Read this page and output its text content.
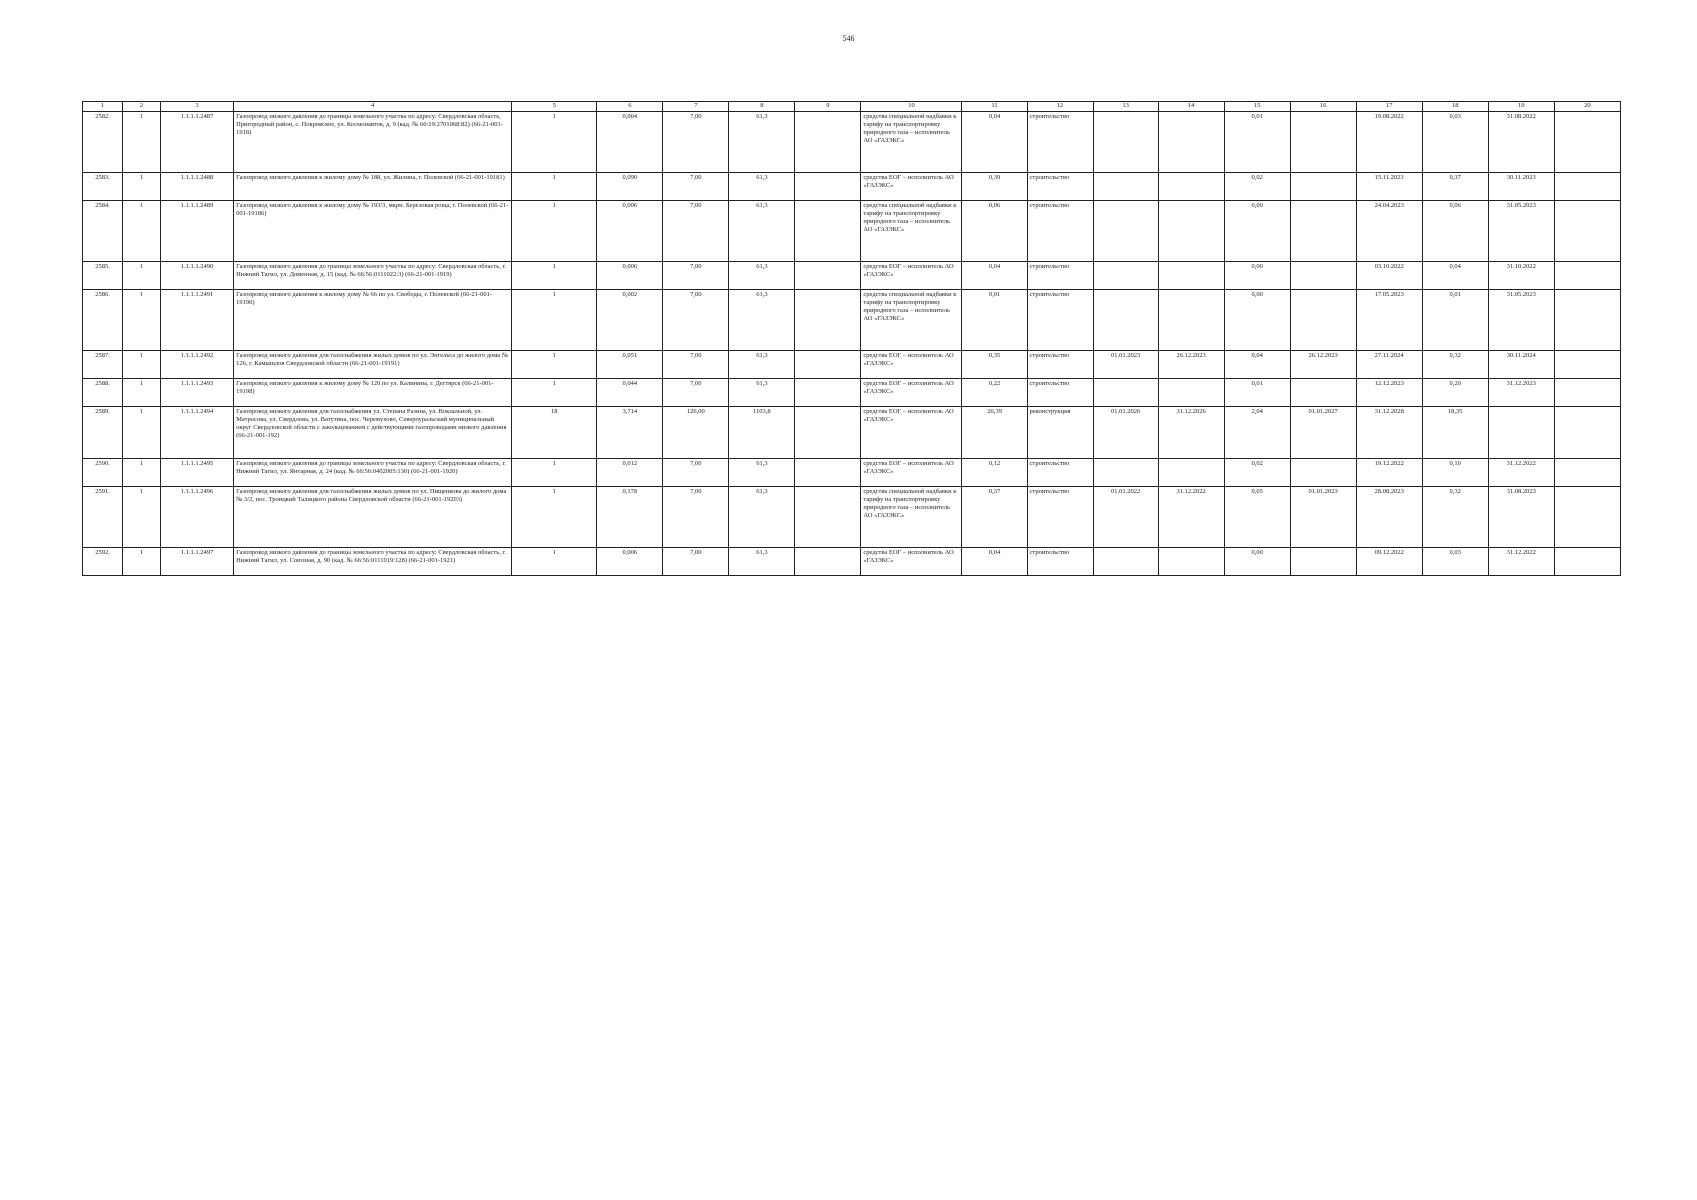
546
1	2	3	4	5	6	7	8	9	10	11	12	13	14	15	16	17	18	19	20
2582.	1	1.1.1.1.2487	Газопровод низкого давления до границы земельного участка по адресу: Свердловская область, Пригородный район, с. Покровское, ул. Космонавтов, д. 9 (кад. № 66:19:2701068:82) (66-21-001-1918)	1	0,004	7,00	61,3		средства специальной надбавки к тарифу на транспортировку природного газа – исполнитель АО «ГАЗЭКС»	0,04	строительство			0,01		19.08.2022	0,03	31.08.2022	
2583.	1	1.1.1.1.2488	Газопровод низкого давления к жилому дому № 188, ул. Жилина, г. Полевской (66-21-001-19181)	1	0,090	7,00	61,3		средства ЕОГ – исполнитель АО «ГАЗЭКС»	0,39	строительство			0,02		15.11.2023	0,37	30.11.2023	
2584.	1	1.1.1.1.2489	Газопровод низкого давления к жилому дому № 193/3, мкрн. Березовая роща, г. Полевской (66-21-001-19186)	1	0,006	7,00	61,3		средства специальной надбавки к тарифу на транспортировку природного газа – исполнитель АО «ГАЗЭКС»	0,06	строительство			0,00		24.04.2023	0,06	31.05.2023	
2585.	1	1.1.1.1.2490	Газопровод низкого давления до границы земельного участка по адресу: Свердловская область, г. Нижний Тагил, ул. Доменная, д. 15 (кад. № 66:56:0111022:3) (66-21-001-1919)	1	0,006	7,00	61,3		средства ЕОГ – исполнитель АО «ГАЗЭКС»	0,04	строительство			0,00		03.10.2022	0,04	31.10.2022	
2586.	1	1.1.1.1.2491	Газопровод низкого давления к жилому дому № 66 по ул. Свободы, г. Полевской (66-21-001-19190)	1	0,002	7,00	61,3		средства специальной надбавки к тарифу на транспортировку природного газа – исполнитель АО «ГАЗЭКС»	0,01	строительство			0,00		17.05.2023	0,01	31.05.2023	
2587.	1	1.1.1.1.2492	Газопровод низкого давления для газоснабжения жилых домов по ул. Энгельса до жилого дома № 126, г. Камышлов Свердловской области (66-21-001-19191)	1	0,051	7,00	61,3		средства ЕОГ – исполнитель АО «ГАЗЭКС»	0,35	строительство	01.01.2023	26.12.2023	0,04	26.12.2023	27.11.2024	0,32	30.11.2024	
2588.	1	1.1.1.1.2493	Газопровод низкого давления к жилому дому № 120 по ул. Калинина, г. Дегтярск (66-21-001-19198)	1	0,044	7,00	61,3		средства ЕОГ – исполнитель АО «ГАЗЭКС»	0,22	строительство			0,01		12.12.2023	0,20	31.12.2023	
2589.	1	1.1.1.1.2494	Газопровод низкого давления для газоснабжения ул. Степана Разина, ул. Вокзальной, ул. Матросова, ул. Свердлова, ул. Ватутина, пос. Черемухово, Североуральский муниципальный округ Свердловской области с закольцеванием с действующими газопроводами низкого давления (66-21-001-192)	18	3,714	126,00	1103,8		средства ЕОГ – исполнитель АО «ГАЗЭКС»	20,39	реконструкция	01.01.2026	31.12.2026	2,04	01.01.2027	31.12.2028	18,35		
2590.	1	1.1.1.1.2495	Газопровод низкого давления до границы земельного участка по адресу: Свердловская область, г. Нижний Тагил, ул. Янтарная, д. 24 (кад. № 66:56:0402005:130) (66-21-001-1920)	1	0,012	7,00	61,3		средства ЕОГ – исполнитель АО «ГАЗЭКС»	0,12	строительство			0,02		19.12.2022	0,10	31.12.2022	
2591.	1	1.1.1.1.2496	Газопровод низкого давления для газоснабжения жилых домов по ул. Пищенкова до жилого дома № 3/2, пос. Троицкий Талицкого района Свердловской области (66-21-001-19203)	1	0,178	7,00	61,3		средства специальной надбавки к тарифу на транспортировку природного газа – исполнитель АО «ГАЗЭКС»	0,37	строительство	01.01.2022	31.12.2022	0,05	01.01.2023	28.08.2023	0,32	31.08.2023	
2592.	1	1.1.1.1.2497	Газопровод низкого давления до границы земельного участка по адресу: Свердловская область, г. Нижний Тагил, ул. Союзная, д. 90 (кад. № 66:56:0111019:128) (66-21-001-1921)	1	0,006	7,00	61,3		средства ЕОГ – исполнитель АО «ГАЗЭКС»	0,04	строительство			0,00		09.12.2022	0,03	31.12.2022	
